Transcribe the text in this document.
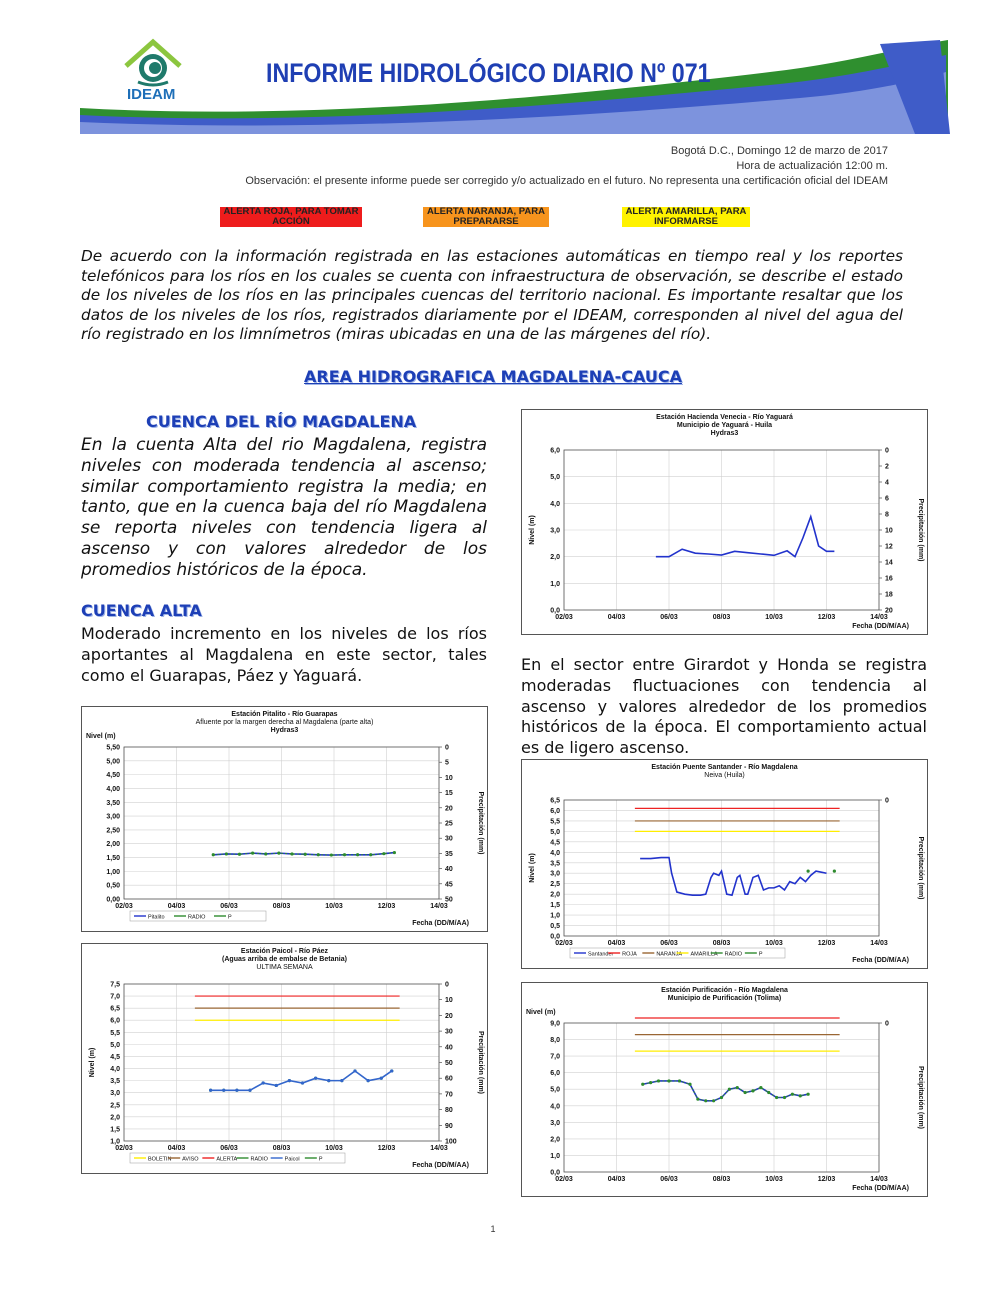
IDEAM
INFORME HIDROLÓGICO DIARIO Nº 071
Bogotá D.C., Domingo 12 de marzo de 2017
Hora de actualización 12:00 m.
Observación: el presente informe puede ser corregido y/o actualizado en el futuro. No representa una certificación oficial del IDEAM
ALERTA ROJA, PARA TOMAR ACCIÓN
ALERTA NARANJA, PARA PREPARARSE
ALERTA AMARILLA, PARA INFORMARSE
De acuerdo con la información registrada en las estaciones automáticas en tiempo real y los reportes telefónicos para los ríos en los cuales se cuenta con infraestructura de observación, se describe el estado de los niveles de los ríos en las principales cuencas del territorio nacional. Es importante resaltar que los datos de los niveles de los ríos, registrados diariamente por el IDEAM, corresponden al nivel del agua del río registrado en los limnímetros (miras ubicadas en una de las márgenes del río).
AREA HIDROGRAFICA MAGDALENA-CAUCA
CUENCA DEL RÍO MAGDALENA
En la cuenta Alta del rio Magdalena, registra niveles con moderada tendencia al ascenso; similar comportamiento registra la media; en tanto, que en la cuenca baja del río Magdalena se reporta niveles con tendencia ligera al ascenso y con valores alrededor de los promedios históricos de la época.
CUENCA ALTA
Moderado incremento en los niveles de los ríos aportantes al Magdalena en este sector, tales como el Guarapas, Páez y Yaguará.
En el sector entre Girardot y Honda se registra moderadas fluctuaciones con tendencia al ascenso y valores alrededor de los promedios históricos de la época. El comportamiento actual es de ligero ascenso.
Estación Pitalito - Río Guarapas
Afluente por la margen derecha al Magdalena (parte alta)
Hydras3
Nivel (m)
Precipitación (mm)
0,00
0,50
1,00
1,50
2,00
2,50
3,00
3,50
4,00
4,50
5,00
5,50	0
5
10
15
20
25
30
35
40
45
50
02/03	04/03	06/03	08/03	10/03	12/03	14/03
Fecha (DD/M/AA)
Pitalito	RADIO	P
Estación Paicol - Río Páez
(Aguas arriba de embalse de Betania)
ULTIMA SEMANA
Nivel (m)	Precipitación (mm)
1,0
1,5
2,0
2,5
3,0
3,5
4,0
4,5
5,0
5,5
6,0
6,5
7,0
7,5	0
10
20
30
40
50
60
70
80
90
100
02/03	04/03	06/03	08/03	10/03	12/03	14/03
Fecha (DD/M/AA)
BOLETIN AVISO	ALERTA RADIO	Paicol	P
Estación Hacienda Venecia - Río Yaguará
Municipio de Yaguará - Huila
Hydras3
Nivel (m)	Precipitación (mm)
0,0
1,0
2,0
3,0
4,0
5,0
6,0	0
2
4
6
8
10
12
14
16
18
20
02/03	04/03	06/03	08/03	10/03	12/03	14/03
Fecha (DD/M/AA)
Estación Puente Santander - Río Magdalena
Neiva (Huila)
Nivel (m)	Precipitación (mm)
0,0
0,5
1,0
1,5
2,0
2,5
3,0
3,5
4,0
4,5
5,0
5,5
6,0
6,5	0
02/03	04/03	06/03	08/03	10/03	12/03	14/03
Fecha (DD/M/AA)
Santander ROJA	NARANJA AMARILLA RADIO	P
Estación Purificación - Río Magdalena
Municipio de Purificación (Tolima)
Nivel (m)
Precipitación (mm)
0,0
1,0
2,0
3,0
4,0
5,0
6,0
7,0
8,0
9,0	0
02/03	04/03	06/03	08/03	10/03	12/03	14/03
Fecha (DD/M/AA)
1
